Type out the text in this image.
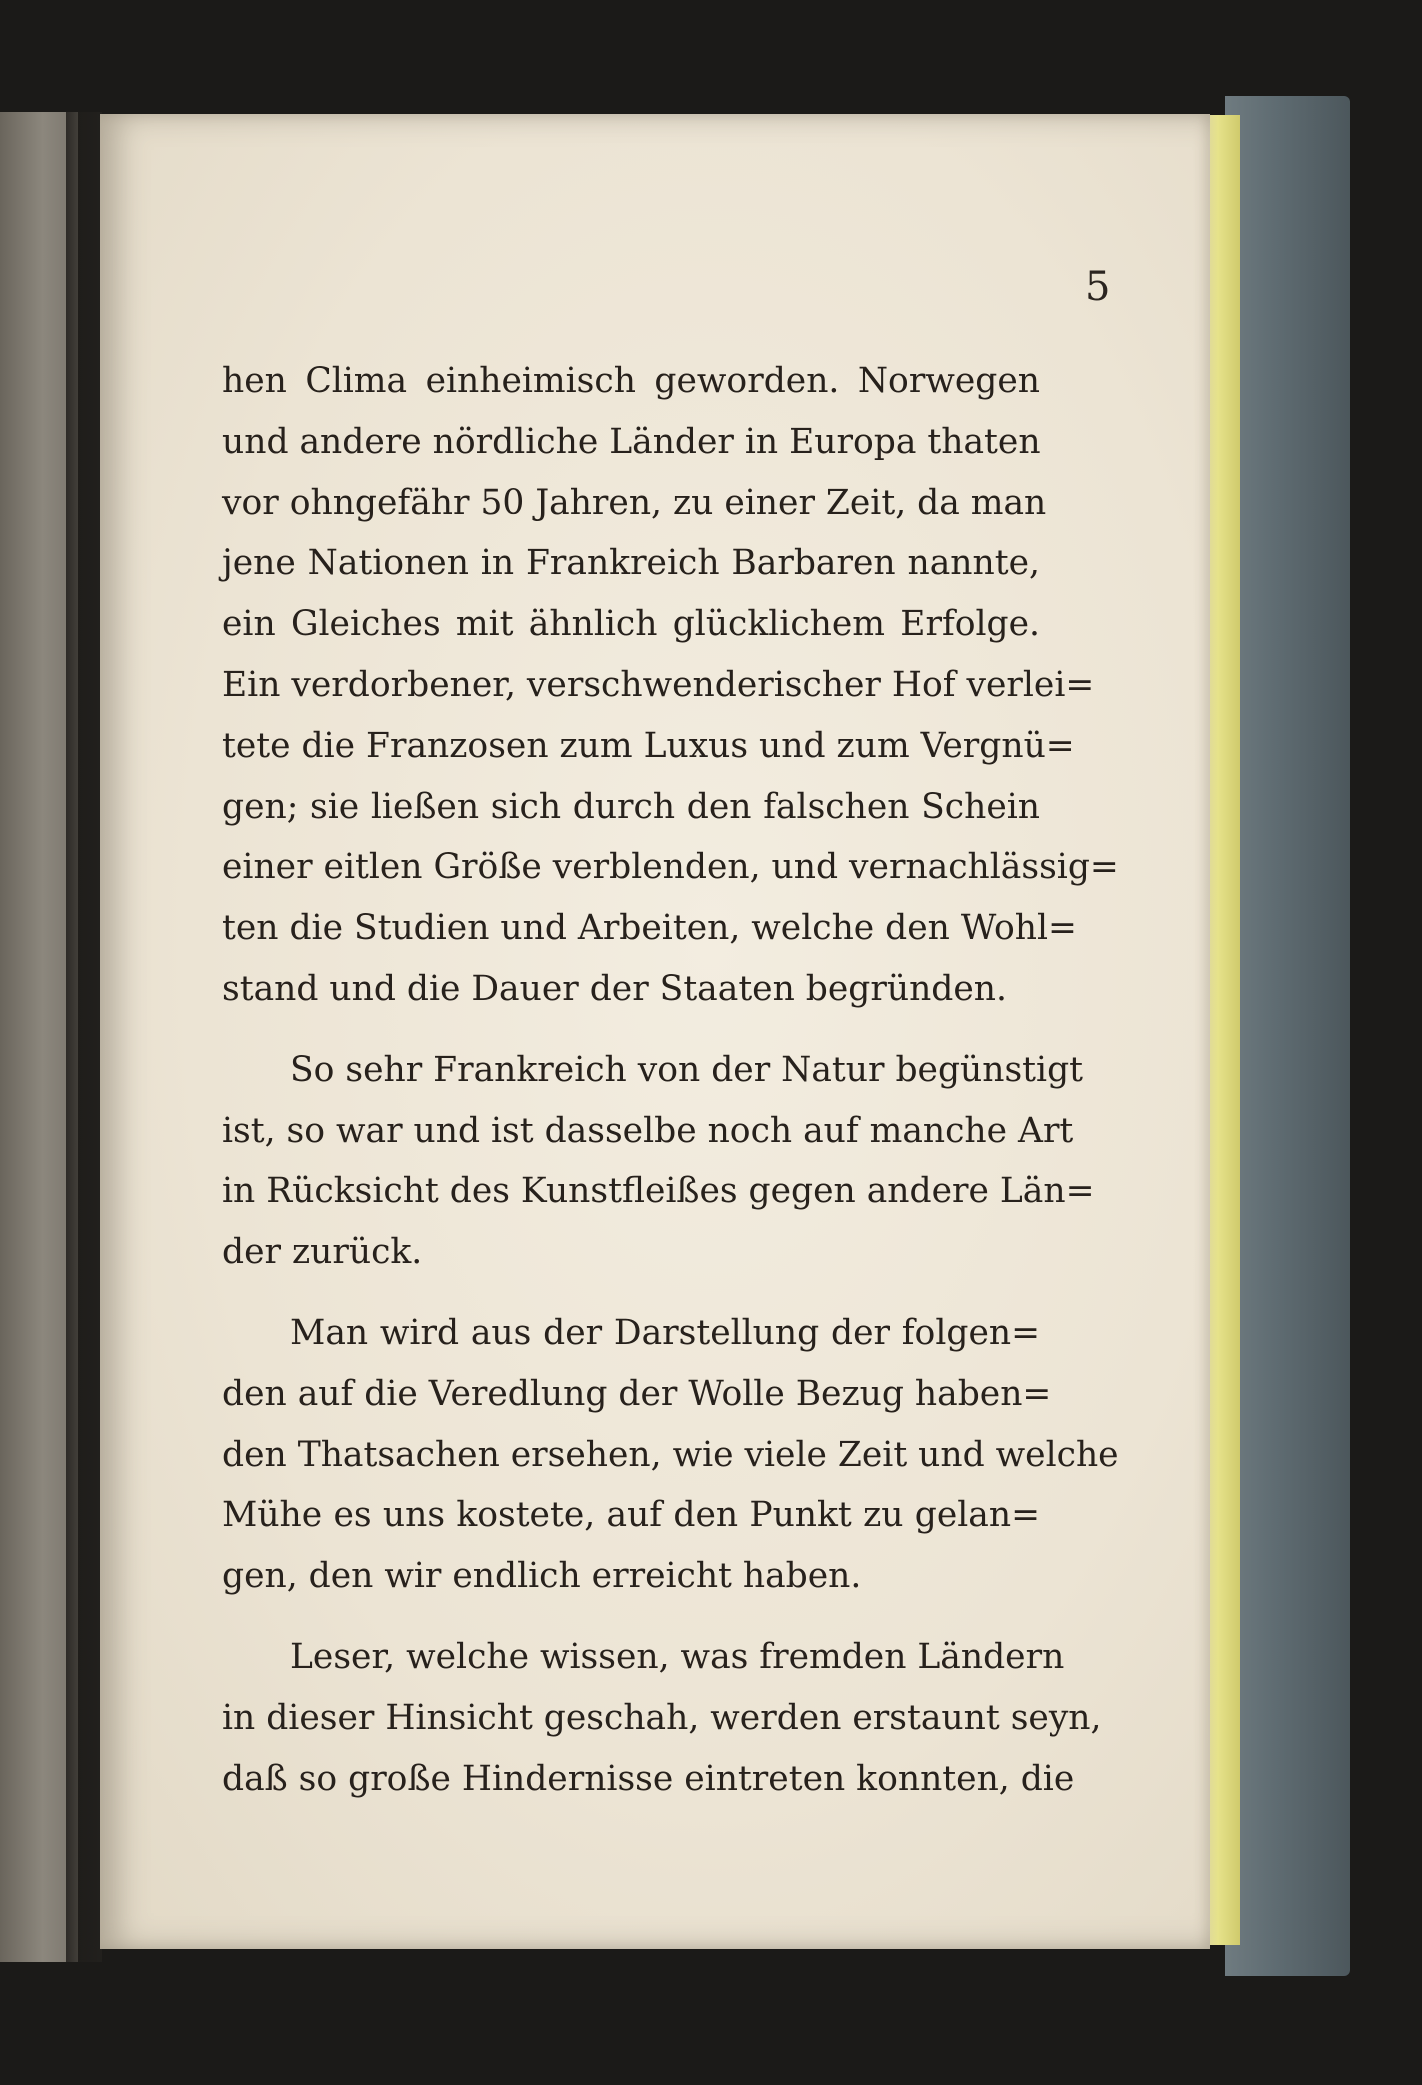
5
hen Clima einheimisch geworden. Norwegen
und andere nördliche Länder in Europa thaten
vor ohngefähr 50 Jahren, zu einer Zeit, da man
jene Nationen in Frankreich Barbaren nannte,
ein Gleiches mit ähnlich glücklichem Erfolge.
Ein verdorbener, verschwenderischer Hof verlei=
tete die Franzosen zum Luxus und zum Vergnü=
gen; sie ließen sich durch den falschen Schein
einer eitlen Größe verblenden, und vernachlässig=
ten die Studien und Arbeiten, welche den Wohl=
stand und die Dauer der Staaten begründen.
So sehr Frankreich von der Natur begünstigt
ist, so war und ist dasselbe noch auf manche Art
in Rücksicht des Kunstfleißes gegen andere Län=
der zurück.
Man wird aus der Darstellung der folgen=
den auf die Veredlung der Wolle Bezug haben=
den Thatsachen ersehen, wie viele Zeit und welche
Mühe es uns kostete, auf den Punkt zu gelan=
gen, den wir endlich erreicht haben.
Leser, welche wissen, was fremden Ländern
in dieser Hinsicht geschah, werden erstaunt seyn,
daß so große Hindernisse eintreten konnten, die
